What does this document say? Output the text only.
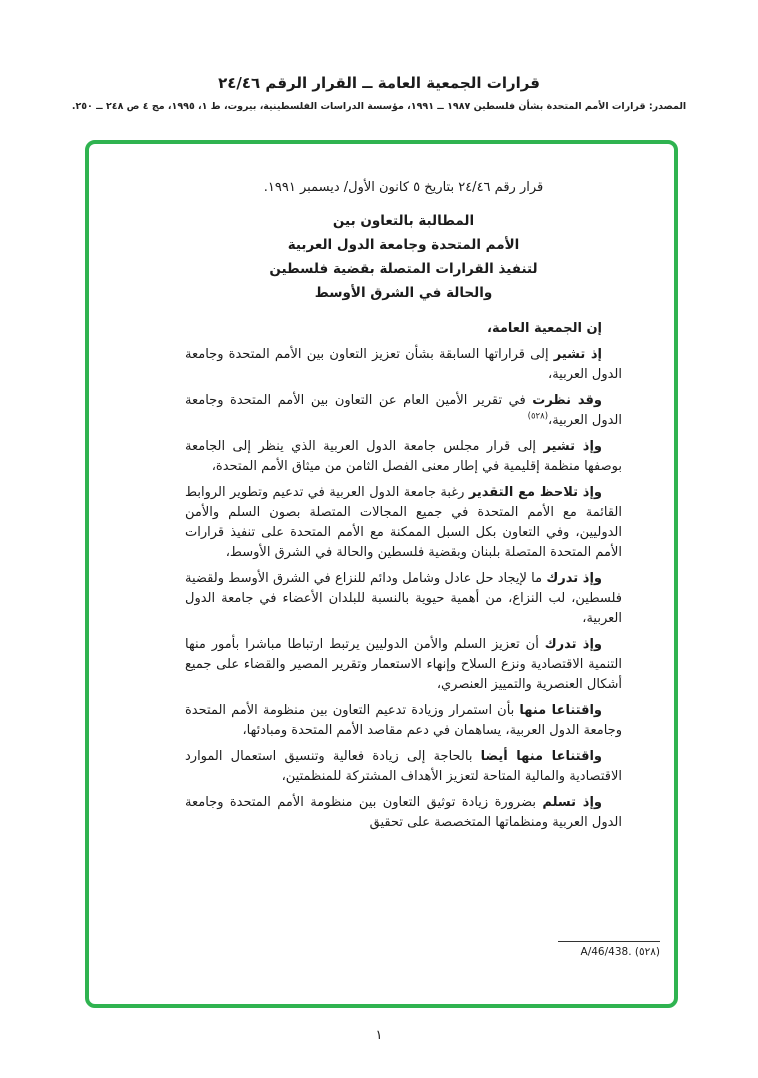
قرارات الجمعية العامة ــ القرار الرقم ٢٤/٤٦
المصدر: قرارات الأمم المتحدة بشأن فلسطين ١٩٨٧ ــ ١٩٩١، مؤسسة الدراسات الفلسطينية، بيروت، ط ١، ١٩٩٥، مج ٤ ص ٢٤٨ ــ ٢٥٠.
قرار رقم ٢٤/٤٦ بتاريخ ٥ كانون الأول/ ديسمبر ١٩٩١.
المطالبة بالتعاون بين
الأمم المتحدة وجامعة الدول العربية
لتنفيذ القرارات المتصلة بقضية فلسطين
والحالة في الشرق الأوسط

إن الجمعية العامة،

إذ تشير إلى قراراتها السابقة بشأن تعزيز التعاون بين الأمم المتحدة وجامعة الدول العربية،

وقد نظرت في تقرير الأمين العام عن التعاون بين الأمم المتحدة وجامعة الدول العربية،$^{(٥٢٨)}$

وإذ تشير إلى قرار مجلس جامعة الدول العربية الذي ينظر إلى الجامعة بوصفها منظمة إقليمية في إطار معنى الفصل الثامن من ميثاق الأمم المتحدة،

وإذ تلاحظ مع التقدير رغبة جامعة الدول العربية في تدعيم وتطوير الروابط القائمة مع الأمم المتحدة في جميع المجالات المتصلة بصون السلم والأمن الدوليين، وفي التعاون بكل السبل الممكنة مع الأمم المتحدة على تنفيذ قرارات الأمم المتحدة المتصلة بلبنان وبقضية فلسطين والحالة في الشرق الأوسط،

وإذ تدرك ما لإيجاد حل عادل وشامل ودائم للنزاع في الشرق الأوسط ولقضية فلسطين، لب النزاع، من أهمية حيوية بالنسبة للبلدان الأعضاء في جامعة الدول العربية،

وإذ تدرك أن تعزيز السلم والأمن الدوليين يرتبط ارتباطا مباشرا بأمور منها التنمية الاقتصادية ونزع السلاح وإنهاء الاستعمار وتقرير المصير والقضاء على جميع أشكال العنصرية والتمييز العنصري،

واقتناعا منها بأن استمرار وزيادة تدعيم التعاون بين منظومة الأمم المتحدة وجامعة الدول العربية، يساهمان في دعم مقاصد الأمم المتحدة ومبادئها،

واقتناعا منها أيضا بالحاجة إلى زيادة فعالية وتنسيق استعمال الموارد الاقتصادية والمالية المتاحة لتعزيز الأهداف المشتركة للمنظمتين،

وإذ تسلم بضرورة زيادة توثيق التعاون بين منظومة الأمم المتحدة وجامعة الدول العربية ومنظماتها المتخصصة على تحقيق

(٥٢٨) A/46/438.‎
١
